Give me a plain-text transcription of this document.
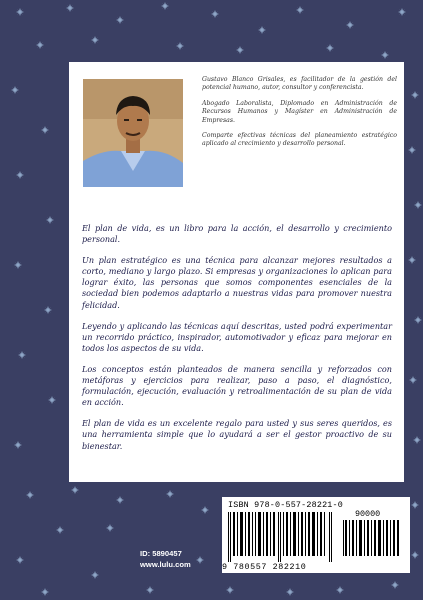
Gustavo Blanco Grisales, es facilitador de la gestión del potencial humano, autor, consultor y conferencista.

Abogado Laboralista, Diplomado en Administración de Recursos Humanos y Magíster en Administración de Empresas.

Comparte efectivas técnicas del planeamiento estratégico aplicado al crecimiento y desarrollo personal.

El plan de vida, es un libro para la acción, el desarrollo y crecimiento personal.

Un plan estratégico es una técnica para alcanzar mejores resultados a corto, mediano y largo plazo. Si empresas y organizaciones lo aplican para lograr éxito, las personas que somos componentes esenciales de la sociedad bien podemos adaptarlo a nuestras vidas para promover nuestra felicidad.

Leyendo y aplicando las técnicas aquí descritas, usted podrá experimentar un recorrido práctico, inspirador, automotivador y eficaz para mejorar en todos los aspectos de su vida.

Los conceptos están planteados de manera sencilla y reforzados con metáforas y ejercicios para realizar, paso a paso, el diagnóstico, formulación, ejecución, evaluación y retroalimentación de su plan de vida en acción.

El plan de vida es un excelente regalo para usted y sus seres queridos, es una herramienta simple que lo ayudará a ser el gestor proactivo de su bienestar.

ISBN 978-0-557-28221-0
90000
9 780557 282210
ID: 5890457
www.lulu.com
